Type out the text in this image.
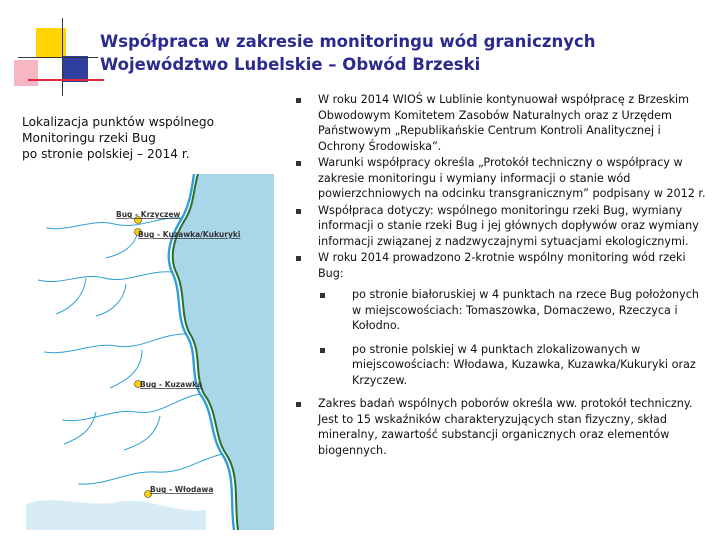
Współpraca w zakresie monitoringu wód granicznych
Województwo Lubelskie – Obwód Brzeski
Lokalizacja punktów wspólnego
Monitoringu rzeki Bug
po stronie polskiej – 2014 r.
Bug - Krzyczew
Bug - Kuzawka/Kukuryki
Bug - Kuzawka
Bug - Włodawa
W roku 2014 WIOŚ w Lublinie kontynuował współpracę z Brzeskim Obwodowym Komitetem Zasobów Naturalnych oraz z Urzędem Państwowym „Republikańskie Centrum Kontroli Analitycznej i Ochrony Środowiska”.
Warunki współpracy określa „Protokół techniczny o współpracy w zakresie monitoringu i wymiany informacji o stanie wód powierzchniowych na odcinku transgranicznym” podpisany w 2012 r.
Współpraca dotyczy: wspólnego monitoringu rzeki Bug, wymiany informacji o stanie rzeki Bug i jej głównych dopływów oraz wymiany informacji związanej z nadzwyczajnymi sytuacjami ekologicznymi.
W roku 2014 prowadzono 2-krotnie wspólny monitoring wód rzeki Bug:
po stronie białoruskiej w 4 punktach na rzece Bug położonych w miejscowościach: Tomaszowka, Domaczewo, Rzeczyca i Kołodno.
po stronie polskiej w 4 punktach zlokalizowanych w miejscowościach: Włodawa, Kuzawka, Kuzawka/Kukuryki oraz Krzyczew.
Zakres badań wspólnych poborów określa ww. protokół techniczny. Jest to 15 wskaźników charakteryzujących stan fizyczny, skład mineralny, zawartość substancji organicznych oraz elementów biogennych.
